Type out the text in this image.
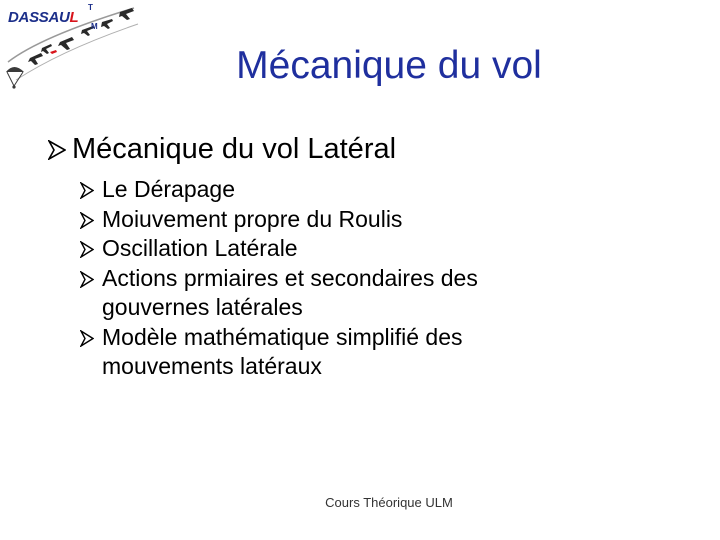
DASSAUL
T
M
Mécanique du vol
Mécanique du vol Latéral
Le Dérapage
Moiuvement propre du Roulis
Oscillation Latérale
Actions prmiaires et secondaires des
gouvernes latérales
Modèle mathématique simplifié des
mouvements latéraux
Cours Théorique ULM
